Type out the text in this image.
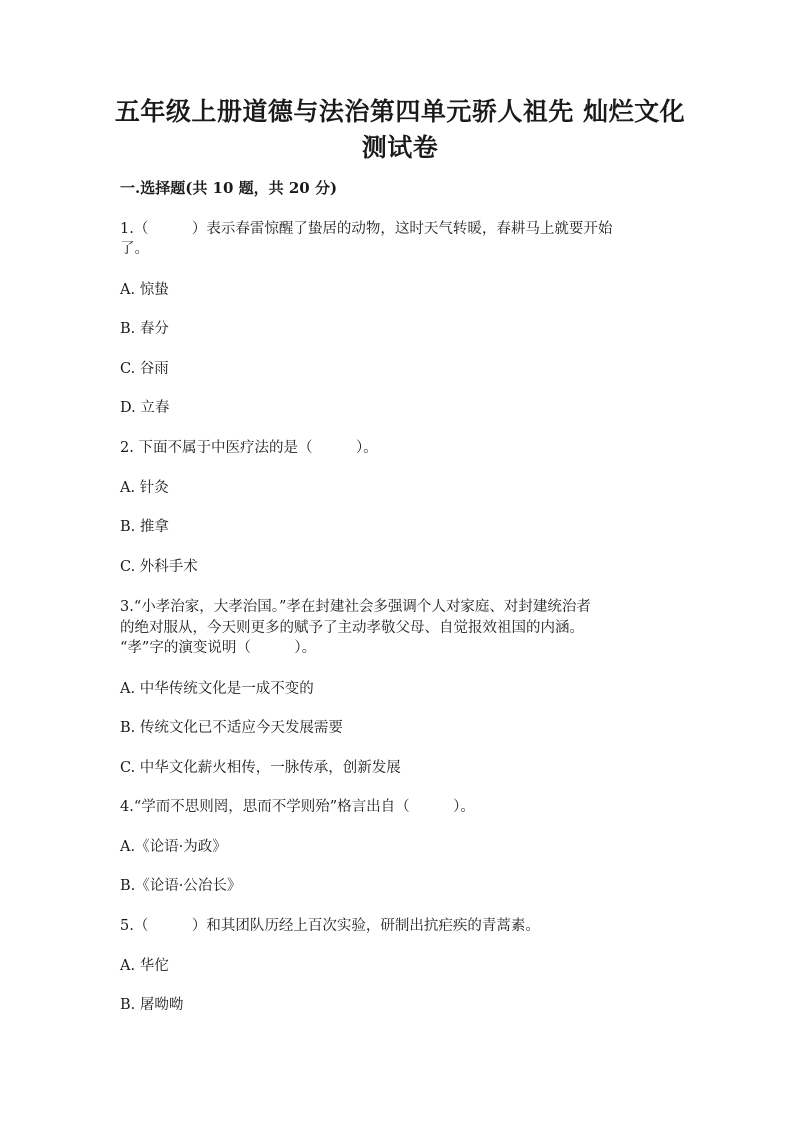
五年级上册道德与法治第四单元骄人祖先 灿烂文化
测试卷
一.选择题(共 10 题，共 20 分)
1.（　　　）表示春雷惊醒了蛰居的动物，这时天气转暖，春耕马上就要开始
了。
A. 惊蛰
B. 春分
C. 谷雨
D. 立春
2. 下面不属于中医疗法的是（　　　）。
A. 针灸
B. 推拿
C. 外科手术
3.“小孝治家，大孝治国。”孝在封建社会多强调个人对家庭、对封建统治者
的绝对服从，今天则更多的赋予了主动孝敬父母、自觉报效祖国的内涵。
“孝”字的演变说明（　　　）。
A. 中华传统文化是一成不变的
B. 传统文化已不适应今天发展需要
C. 中华文化薪火相传，一脉传承，创新发展
4.“学而不思则罔，思而不学则殆”格言出自（　　　）。
A.《论语·为政》
B.《论语·公冶长》
5.（　　　）和其团队历经上百次实验，研制出抗疟疾的青蒿素。
A. 华佗
B. 屠呦呦
